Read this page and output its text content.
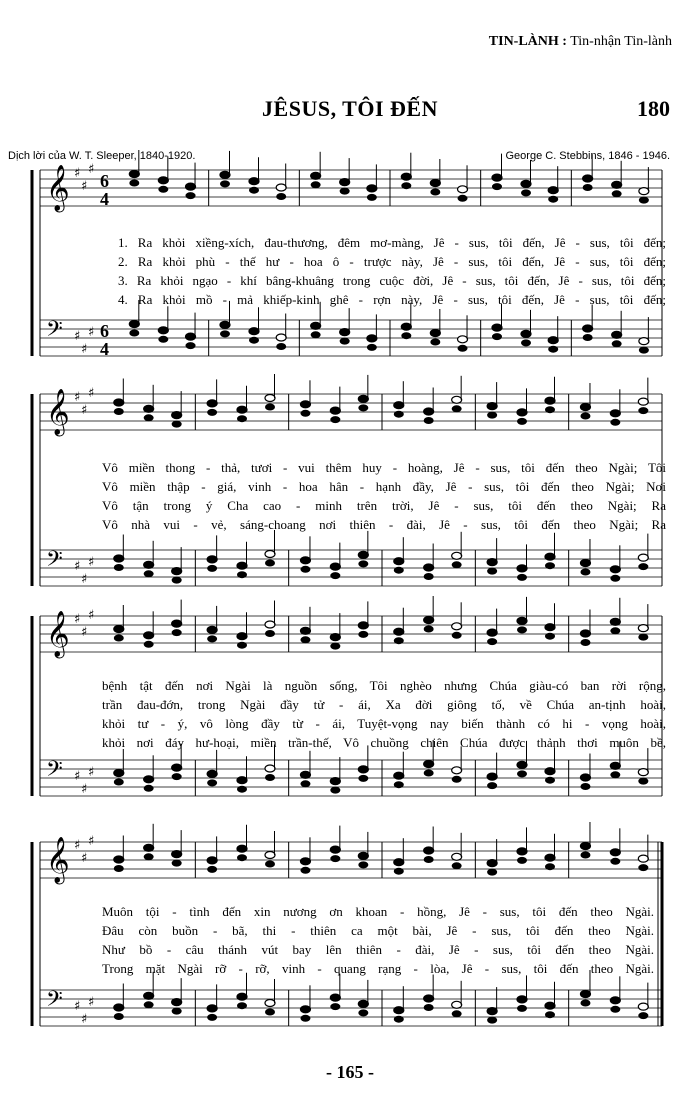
TIN-LÀNH : Tin-nhận Tin-lành
JÊSUS, TÔI ĐẾN	180
Dịch lời của W. T. Sleeper, 1840-1920.	George C. Stebbins, 1846 - 1946.
𝄞 ♯
♯
♯
6
4
𝄢 ♯
♯
♯ 6
4
1. Ra khỏi xiềng-xích, đau-thương, đêm mơ-màng, Jê - sus, tôi đến, Jê - sus, tôi đến;
2. Ra khỏi phù - thế hư - hoa ô - trược này, Jê - sus, tôi đến, Jê - sus, tôi đến;
3. Ra khỏi ngạo - khí bâng-khuâng trong cuộc đời, Jê - sus, tôi đến, Jê - sus, tôi đến;
4. Ra khỏi mồ - mả khiếp-kinh ghê - rợn này, Jê - sus, tôi đến, Jê - sus, tôi đến;
𝄞 ♯
♯
♯
𝄢 ♯
♯
♯
Vô miền thong - thả, tươi - vui thêm huy - hoàng, Jê - sus, tôi đến theo Ngài; Tôi
Vô miền thập - giá, vinh - hoa hân - hạnh đầy, Jê - sus, tôi đến theo Ngài; Nơi
Vô tận trong ý Cha cao - minh trên trời, Jê - sus, tôi đến theo Ngài; Ra
Vô nhà vui - vẻ, sáng-choang nơi thiên - đài, Jê - sus, tôi đến theo Ngài; Ra
𝄞 ♯
♯
♯
𝄢 ♯
♯
♯
bệnh tật đến nơi Ngài là nguồn sống, Tôi nghèo nhưng Chúa giàu-có ban rời rộng,
trần đau-đớn, trong Ngài đầy tử - ái, Xa đời giông tố, về Chúa an-tịnh hoài,
khỏi tư - ý, vô lòng đầy từ - ái, Tuyệt-vọng nay biến thành có hi - vọng hoài,
khỏi nơi đáy hư-hoại, miền trần-thế, Vô chuồng chiên Chúa được thảnh thơi muôn bề,
𝄞 ♯
♯
♯
𝄢 ♯
♯
♯
Muôn tội - tình đến xin nương ơn khoan - hồng, Jê - sus, tôi đến theo Ngài.
Đâu còn buồn - bã, thi - thiên ca một bài, Jê - sus, tôi đến theo Ngài.
Như bồ - câu thánh vút bay lên thiên - đài, Jê - sus, tôi đến theo Ngài.
Trong mặt Ngài rỡ - rỡ, vinh - quang rạng - lòa, Jê - sus, tôi đến theo Ngài.
- 165 -
